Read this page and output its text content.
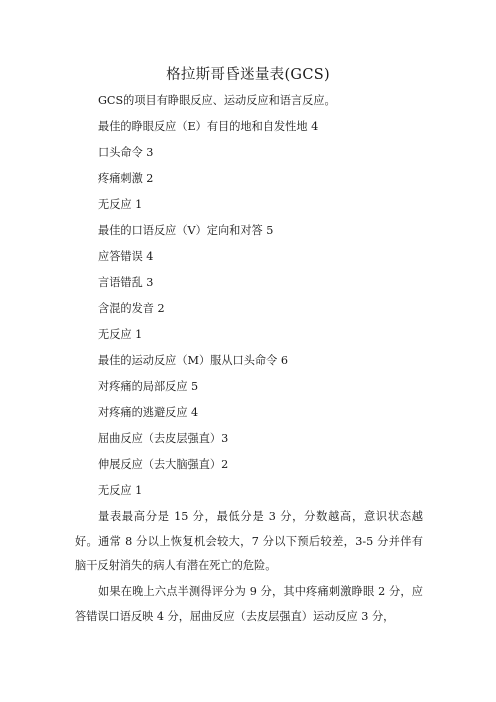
格拉斯哥昏迷量表(GCS)
GCS的项目有睁眼反应、运动反应和语言反应。
最佳的睁眼反应（E）有目的地和自发性地 4
口头命令 3
疼痛刺激 2
无反应 1
最佳的口语反应（V）定向和对答 5
应答错误 4
言语错乱 3
含混的发音 2
无反应 1
最佳的运动反应（M）服从口头命令 6
对疼痛的局部反应 5
对疼痛的逃避反应 4
屈曲反应（去皮层强直）3
伸展反应（去大脑强直）2
无反应 1
量表最高分是 15 分，最低分是 3 分，分数越高，意识状态越好。通常 8 分以上恢复机会较大，7 分以下预后较差，3-5 分并伴有脑干反射消失的病人有潜在死亡的危险。
如果在晚上六点半测得评分为 9 分，其中疼痛刺激睁眼 2 分，应答错误口语反映 4 分，屈曲反应（去皮层强直）运动反应 3 分，
